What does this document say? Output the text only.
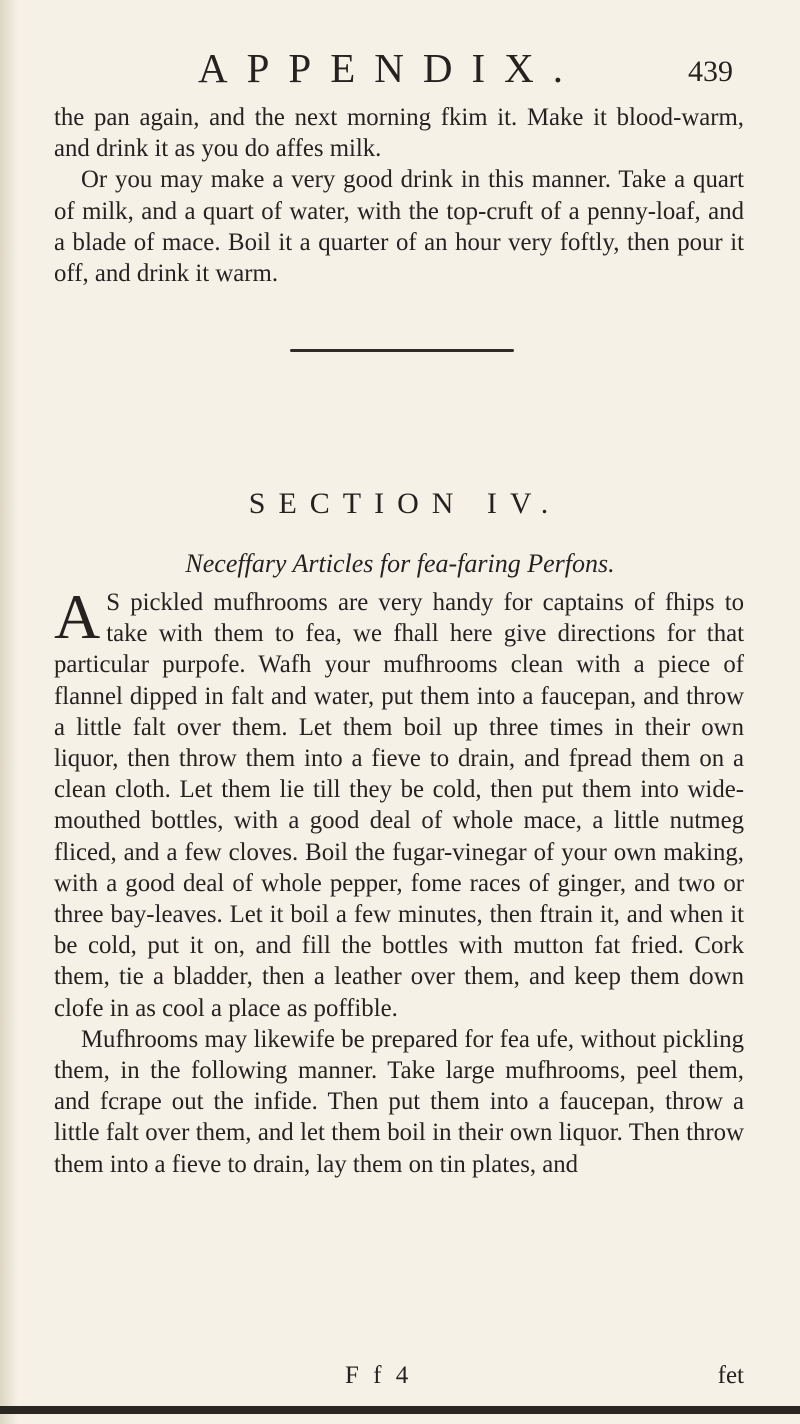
APPENDIX.	439

the pan again, and the next morning fkim it. Make it blood-warm, and drink it as you do affes milk.

Or you may make a very good drink in this manner. Take a quart of milk, and a quart of water, with the top-cruft of a penny-loaf, and a blade of mace. Boil it a quarter of an hour very foftly, then pour it off, and drink it warm.

SECTION IV.
Neceffary Articles for fea-faring Perfons.

A S pickled mufhrooms are very handy for captains of fhips to take with them to fea, we fhall here give directions for that particular purpofe. Wafh your mufhrooms clean with a piece of flannel dipped in falt and water, put them into a faucepan, and throw a little falt over them. Let them boil up three times in their own liquor, then throw them into a fieve to drain, and fpread them on a clean cloth. Let them lie till they be cold, then put them into wide-mouthed bottles, with a good deal of whole mace, a little nutmeg fliced, and a few cloves. Boil the fugar-vinegar of your own making, with a good deal of whole pepper, fome races of ginger, and two or three bay-leaves. Let it boil a few minutes, then ftrain it, and when it be cold, put it on, and fill the bottles with mutton fat fried. Cork them, tie a bladder, then a leather over them, and keep them down clofe in as cool a place as poffible.

Mufhrooms may likewife be prepared for fea ufe, without pickling them, in the following manner. Take large mufhrooms, peel them, and fcrape out the infide. Then put them into a faucepan, throw a little falt over them, and let them boil in their own liquor. Then throw them into a fieve to drain, lay them on tin plates, and

F f 4	fet
